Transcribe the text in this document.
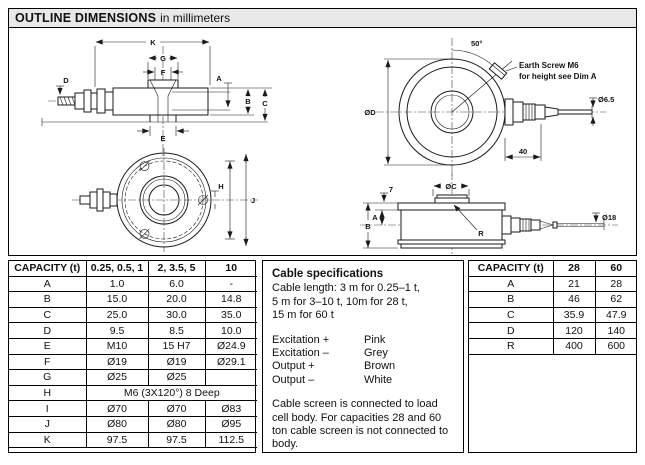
OUTLINE DIMENSIONS in millimeters
K
G
F
A
B C
D
E
H
J
ØD
50°
Earth Screw M6
for height see Dim A
Ø6.5
40
ØC
7
A
B
R
Ø18
CAPACITY (t)	0.25, 0.5, 1	2, 3.5, 5	10
A	1.0	6.0	-
B	15.0	20.0	14.8
C	25.0	30.0	35.0
D	9.5	8.5	10.0
E	M10	15 H7	Ø24.9
F	Ø19	Ø19	Ø29.1
G	Ø25	Ø25	
H	M6 (3X120°) 8 Deep		
I	Ø70	Ø70	Ø83
J	Ø80	Ø80	Ø95
K	97.5	97.5	112.5
Cable specifications
Cable length: 3 m for 0.25–1 t,
5 m for 3–10 t, 10m for 28 t,
15 m for 60 t
Excitation +	Pink
Excitation –	Grey
Output +	Brown
Output –	White
Cable screen is connected to load cell body. For capacities 28 and 60 ton cable screen is not connected to body.
CAPACITY (t)	28	60
A	21	28
B	46	62
C	35.9	47.9
D	120	140
R	400	600
